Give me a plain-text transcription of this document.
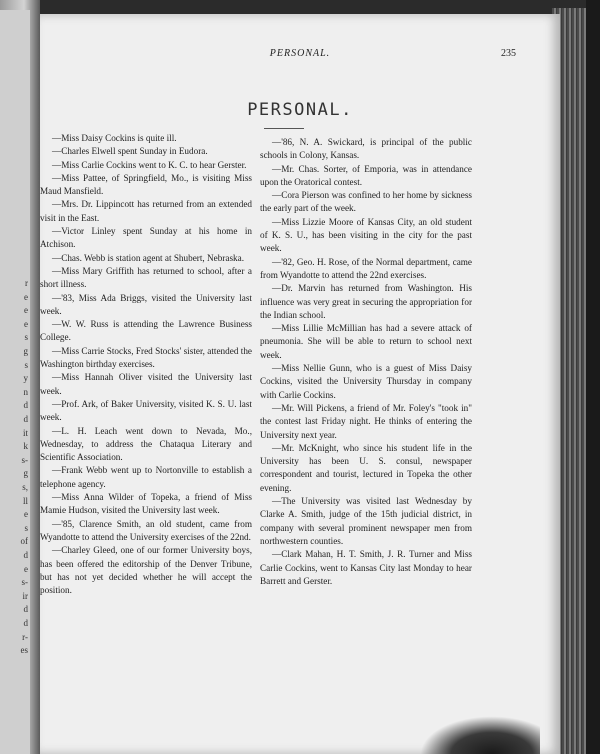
r
e
e
e
s
g
s
y
n
d
d
it
k
s-
g
s,
ll
e
s
of
d
e
s-
ir
d
d
r-
es
PERSONAL.	235
PERSONAL.

—Miss Daisy Cockins is quite ill.

—Charles Elwell spent Sunday in Eudora.

—Miss Carlie Cockins went to K. C. to hear Gerster.

—Miss Pattee, of Springfield, Mo., is visiting Miss Maud Mansfield.

—Mrs. Dr. Lippincott has returned from an extended visit in the East.

—Victor Linley spent Sunday at his home in Atchison.

—Chas. Webb is station agent at Shubert, Nebraska.

—Miss Mary Griffith has returned to school, after a short illness.

—'83, Miss Ada Briggs, visited the University last week.

—W. W. Russ is attending the Lawrence Business College.

—Miss Carrie Stocks, Fred Stocks' sister, attended the Washington birthday exercises.

—Miss Hannah Oliver visited the University last week.

—Prof. Ark, of Baker University, visited K. S. U. last week.

—L. H. Leach went down to Nevada, Mo., Wednesday, to address the Chataqua Literary and Scientific Association.

—Frank Webb went up to Nortonville to establish a telephone agency.

—Miss Anna Wilder of Topeka, a friend of Miss Mamie Hudson, visited the University last week.

—'85, Clarence Smith, an old student, came from Wyandotte to attend the University exercises of the 22nd.

—Charley Gleed, one of our former University boys, has been offered the editorship of the Denver Tribune, but has not yet decided whether he will accept the position.

—'86, N. A. Swickard, is principal of the public schools in Colony, Kansas.

—Mr. Chas. Sorter, of Emporia, was in attendance upon the Oratorical contest.

—Cora Pierson was confined to her home by sickness the early part of the week.

—Miss Lizzie Moore of Kansas City, an old student of K. S. U., has been visiting in the city for the past week.

—'82, Geo. H. Rose, of the Normal department, came from Wyandotte to attend the 22nd exercises.

—Dr. Marvin has returned from Washington. His influence was very great in securing the appropriation for the Indian school.

—Miss Lillie McMillian has had a severe attack of pneumonia. She will be able to return to school next week.

—Miss Nellie Gunn, who is a guest of Miss Daisy Cockins, visited the University Thursday in company with Carlie Cockins.

—Mr. Will Pickens, a friend of Mr. Foley's "took in" the contest last Friday night. He thinks of entering the University next year.

—Mr. McKnight, who since his student life in the University has been U. S. consul, newspaper correspondent and tourist, lectured in Topeka the other evening.

—The University was visited last Wednesday by Clarke A. Smith, judge of the 15th judicial district, in company with several prominent newspaper men from northwestern counties.

—Clark Mahan, H. T. Smith, J. R. Turner and Miss Carlie Cockins, went to Kansas City last Monday to hear Barrett and Gerster.
